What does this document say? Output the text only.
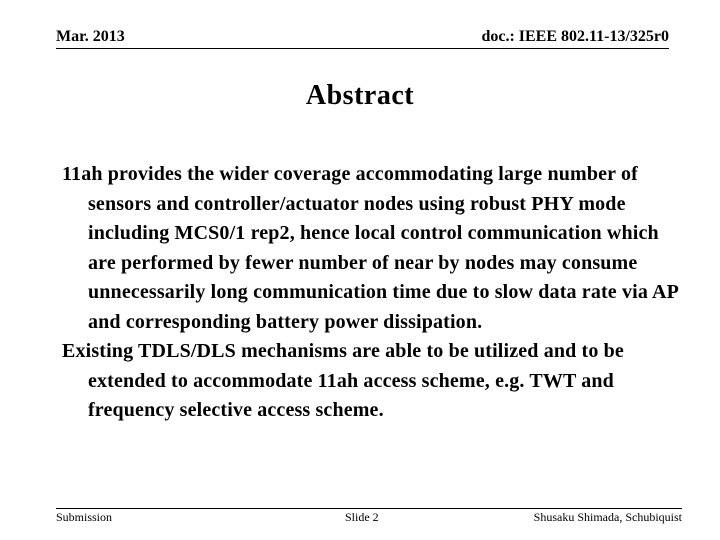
Mar. 2013	doc.: IEEE 802.11-13/325r0
Abstract
11ah provides the wider coverage accommodating large number of sensors and controller/actuator nodes using robust PHY mode including MCS0/1 rep2, hence local control communication which are performed by fewer number of near by nodes may consume unnecessarily long communication time due to slow data rate via AP and corresponding battery power dissipation.
Existing TDLS/DLS mechanisms are able to be utilized and to be extended to accommodate 11ah access scheme, e.g. TWT and frequency selective access scheme.
Submission	Slide 2	Shusaku Shimada, Schubiquist
